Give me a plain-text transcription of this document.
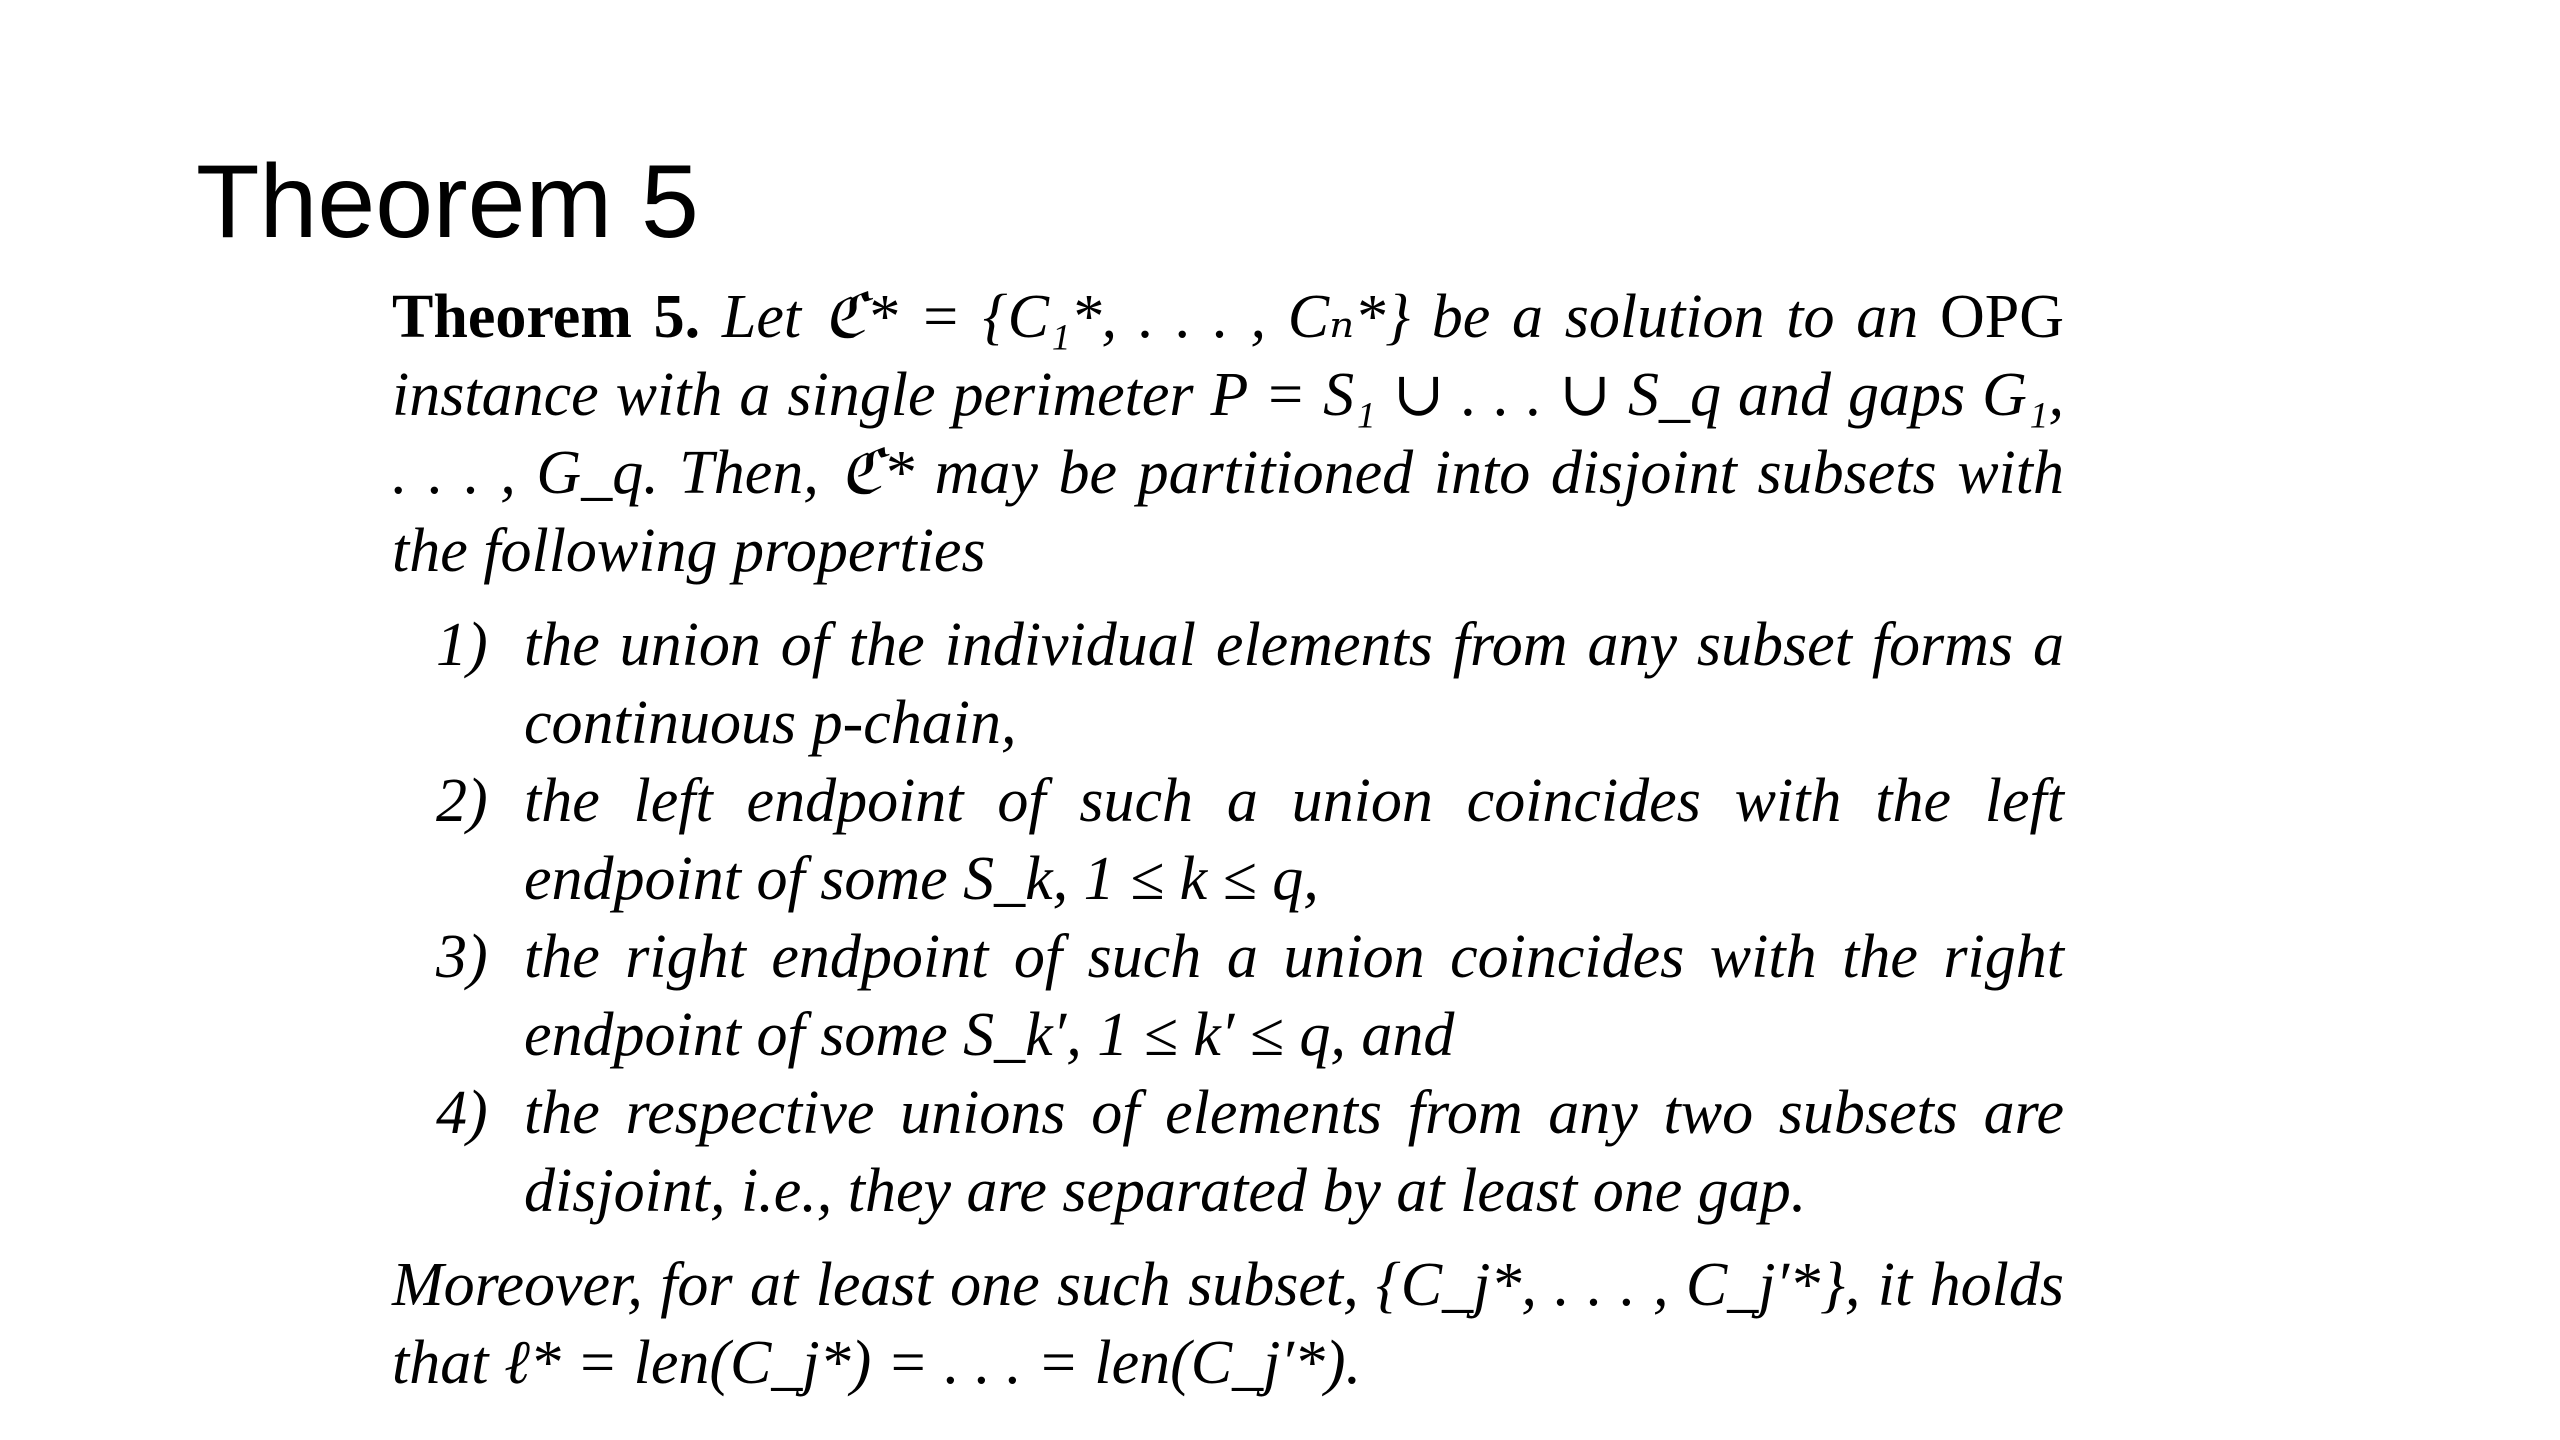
Theorem 5
Theorem 5. Let ℭ* = {C₁*, . . . , Cₙ*} be a solution to an OPG instance with a single perimeter P = S₁ ∪ . . . ∪ S_q and gaps G₁, . . . , G_q. Then, ℭ* may be partitioned into disjoint subsets with the following properties
1) the union of the individual elements from any subset forms a continuous p-chain,
2) the left endpoint of such a union coincides with the left endpoint of some S_k, 1 ≤ k ≤ q,
3) the right endpoint of such a union coincides with the right endpoint of some S_k′, 1 ≤ k′ ≤ q, and
4) the respective unions of elements from any two subsets are disjoint, i.e., they are separated by at least one gap.
Moreover, for at least one such subset, {C_j*, . . . , C_j′*}, it holds that ℓ* = len(C_j*) = . . . = len(C_j′*).
